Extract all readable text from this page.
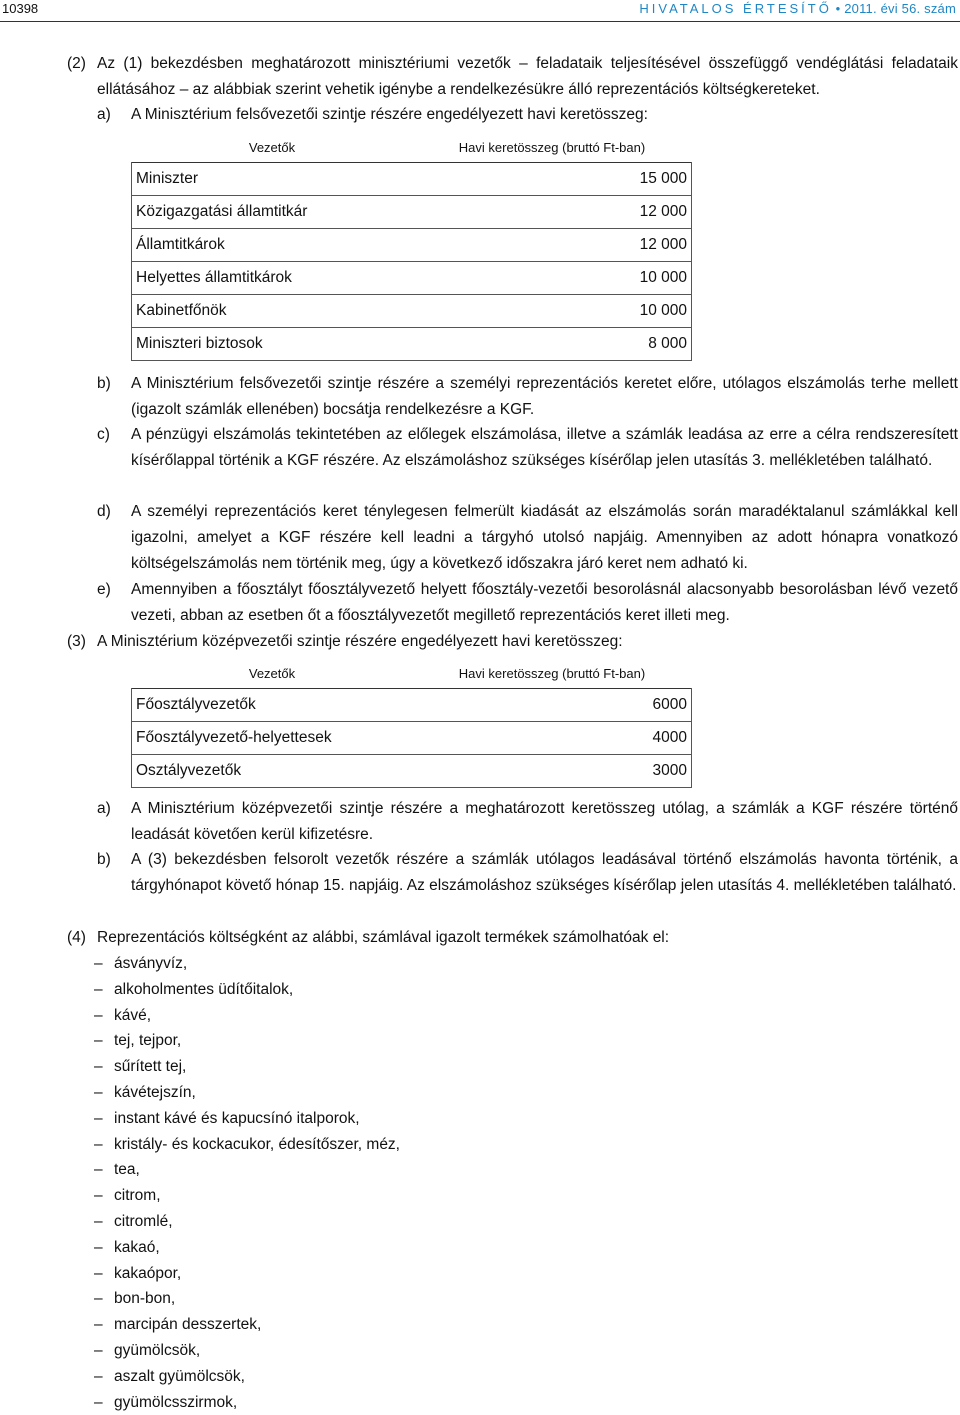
10398	HIVATALOS ÉRTESÍTŐ • 2011. évi 56. szám
(2) Az (1) bekezdésben meghatározott minisztériumi vezetők – feladataik teljesítésével összefüggő vendéglátási feladataik ellátásához – az alábbiak szerint vehetik igénybe a rendelkezésükre álló reprezentációs költségkereteket.

a) A Minisztérium felsővezetői szintje részére engedélyezett havi keretösszeg:

Vezetők	Havi keretösszeg (bruttó Ft-ban)
Miniszter	15 000
Közigazgatási államtitkár	12 000
Államtitkárok	12 000
Helyettes államtitkárok	10 000
Kabinetfőnök	10 000
Miniszteri biztosok	8 000
b) A Minisztérium felsővezetői szintje részére a személyi reprezentációs keretet előre, utólagos elszámolás terhe mellett (igazolt számlák ellenében) bocsátja rendelkezésre a KGF.

c) A pénzügyi elszámolás tekintetében az előlegek elszámolása, illetve a számlák leadása az erre a célra rendszeresített kísérőlappal történik a KGF részére. Az elszámoláshoz szükséges kísérőlap jelen utasítás 3. mellékletében található.

d) A személyi reprezentációs keret ténylegesen felmerült kiadását az elszámolás során maradéktalanul számlákkal kell igazolni, amelyet a KGF részére kell leadni a tárgyhó utolsó napjáig. Amennyiben az adott hónapra vonatkozó költségelszámolás nem történik meg, úgy a következő időszakra járó keret nem adható ki.

e) Amennyiben a főosztályt főosztályvezető helyett főosztály-vezetői besorolásnál alacsonyabb besorolásban lévő vezető vezeti, abban az esetben őt a főosztályvezetőt megillető reprezentációs keret illeti meg.

(3) A Minisztérium középvezetői szintje részére engedélyezett havi keretösszeg:

Vezetők	Havi keretösszeg (bruttó Ft-ban)
Főosztályvezetők	6000
Főosztályvezető-helyettesek	4000
Osztályvezetők	3000
a) A Minisztérium középvezetői szintje részére a meghatározott keretösszeg utólag, a számlák a KGF részére történő leadását követően kerül kifizetésre.

b) A (3) bekezdésben felsorolt vezetők részére a számlák utólagos leadásával történő elszámolás havonta történik, a tárgyhónapot követő hónap 15. napjáig. Az elszámoláshoz szükséges kísérőlap jelen utasítás 4. mellékletében található.

(4) Reprezentációs költségként az alábbi, számlával igazolt termékek számolhatóak el:

– ásványvíz,
– alkoholmentes üdítőitalok,
– kávé,
– tej, tejpor,
– sűrített tej,
– kávétejszín,
– instant kávé és kapucsínó italporok,
– kristály- és kockacukor, édesítőszer, méz,
– tea,
– citrom,
– citromlé,
– kakaó,
– kakaópor,
– bon-bon,
– marcipán desszertek,
– gyümölcsök,
– aszalt gyümölcsök,
– gyümölcsszirmok,
